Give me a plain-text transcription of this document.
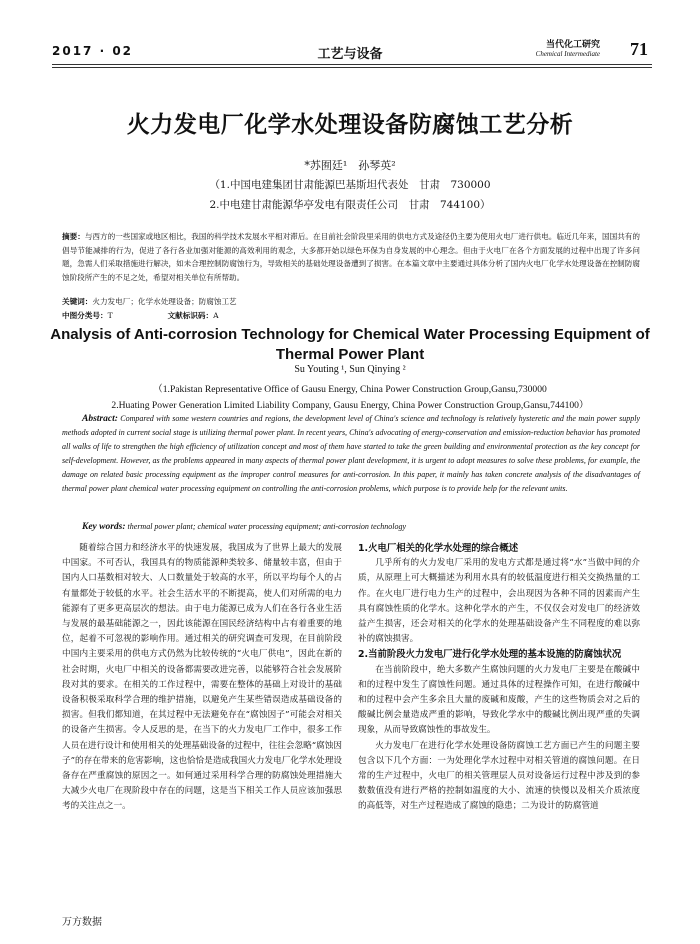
2017 · 02	工艺与设备
当代化工研究
Chemical Intermediate 71
火力发电厂化学水处理设备防腐蚀工艺分析
*苏囿廷¹　孙琴英²
（1.中国电建集团甘肃能源巴基斯坦代表处　甘肃　730000
2.中电建甘肃能源华亭发电有限责任公司　甘肃　744100）
摘要：与西方的一些国家或地区相比，我国的科学技术发展水平相对滞后。在目前社会阶段里采用的供电方式及途径仍主要为使用火电厂进行供电。临近几年来，国国共有的倡导节能减排的行为，促进了各行各业加强对能源的高效利用的观念，大多都开始以绿色环保为自身发展的中心理念。但由于火电厂在各个方面发展的过程中出现了许多问题，急需人们采取措施进行解决，如未合理控制防腐蚀行为，导致相关的基础处理设备遭到了损害。在本篇文章中主要通过具体分析了国内火电厂化学水处理设备在控制防腐蚀阶段所产生的不足之处，希望对相关单位有所帮助。
关键词：火力发电厂；化学水处理设备；防腐蚀工艺
中图分类号：T	文献标识码：A
Analysis of Anti-corrosion Technology for Chemical Water Processing Equipment of Thermal Power Plant
Su Youting ¹, Sun Qinying ²
（1.Pakistan Representative Office of Gausu Energy, China Power Construction Group,Gansu,730000
2.Huating Power Generation Limited Liability Company, Gausu Energy, China Power Construction Group,Gansu,744100）
Abstract: Compared with some western countries and regions, the development level of China's science and technology is relatively hysteretic and the main power supply methods adopted in current social stage is utilizing thermal power plant. In recent years, China's advocating of energy-conservation and emission-reduction behavior has promoted all walks of life to strengthen the high efficiency of utilization concept and most of them have started to take the green building and environmental protection as the key concept for self-development. However, as the problems appeared in many aspects of thermal power plant development, it is urgent to adopt measures to solve these problems, for example, the damage on related basic processing equipment as the improper control measures for anti-corrosion. In this paper, it mainly has taken concrete analysis of the disadvantages of thermal power plant chemical water processing equipment on controlling the anti-corrosion problems, which purpose is to provide help for the relevant units.
Key words: thermal power plant; chemical water processing equipment; anti-corrosion technology

随着综合国力和经济水平的快速发展，我国成为了世界上最大的发展中国家。不可否认，我国具有的物质能源种类较多、储量较丰富，但由于国内人口基数相对较大、人口数量处于较高的水平，所以平均每个人的占有量都处于较低的水平。社会生活水平的不断提高，使人们对所需的电力能源有了更多更高层次的想法。由于电力能源已成为人们在各行各业生活与发展的最基础能源之一，因此该能源在国民经济结构中占有着重要的地位，起着不可忽视的影响作用。通过相关的研究调查可发现，在目前阶段中国内主要采用的供电方式仍然为比较传统的“火电厂供电”，因此在新的社会时期，火电厂中相关的设备都需要改进完善，以能够符合社会发展阶段对其的要求。在相关的工作过程中，需要在整体的基础上对设计的基础设备积极采取科学合理的维护措施，以避免产生某些错误造成基础设备的损害。但我们都知道，在其过程中无法避免存在“腐蚀因子”可能会对相关的设备产生损害。令人反思的是，在当下的火力发电厂工作中，很多工作人员在进行设计和使用相关的处理基础设备的过程中，往往会忽略“腐蚀因子”的存在带来的危害影响，这也恰恰是造成我国火力发电厂化学水处理设备存在严重腐蚀的原因之一。如何通过采用科学合理的防腐蚀处理措施大大减少火电厂在现阶段中存在的问题，这是当下相关工作人员应该加强思考的关注点之一。

1.火电厂相关的化学水处理的综合概述

几乎所有的火力发电厂采用的发电方式都是通过将“水”当做中间的介质，从原理上可大概描述为利用水具有的较低温度进行相关交换热量的工作。在火电厂进行电力生产的过程中，会出现因为各种不同的因素而产生具有腐蚀性质的化学水。这种化学水的产生，不仅仅会对发电厂的经济效益产生损害，还会对相关的化学水的处理基础设备产生不同程度的难以弥补的腐蚀损害。

2.当前阶段火力发电厂进行化学水处理的基本设施的防腐蚀状况

在当前阶段中，绝大多数产生腐蚀问题的火力发电厂主要是在酸碱中和的过程中发生了腐蚀性问题。通过具体的过程操作可知，在进行酸碱中和的过程中会产生多余且大量的废碱和废酸，产生的这些物质会对之后的酸碱比例会量造成严重的影响，导致化学水中的酸碱比例出现严重的失调现象，从而导致腐蚀性的事故发生。

火力发电厂在进行化学水处理设备防腐蚀工艺方面已产生的问题主要包含以下几个方面：一为处理化学水过程中对相关管道的腐蚀问题。在日常的生产过程中，火电厂的相关管理层人员对设备运行过程中涉及到的参数数值没有进行严格的控制如温度的大小、流速的快慢以及相关介质浓度的高低等，对生产过程造成了腐蚀的隐患；二为设计的防腐管道

万方数据
